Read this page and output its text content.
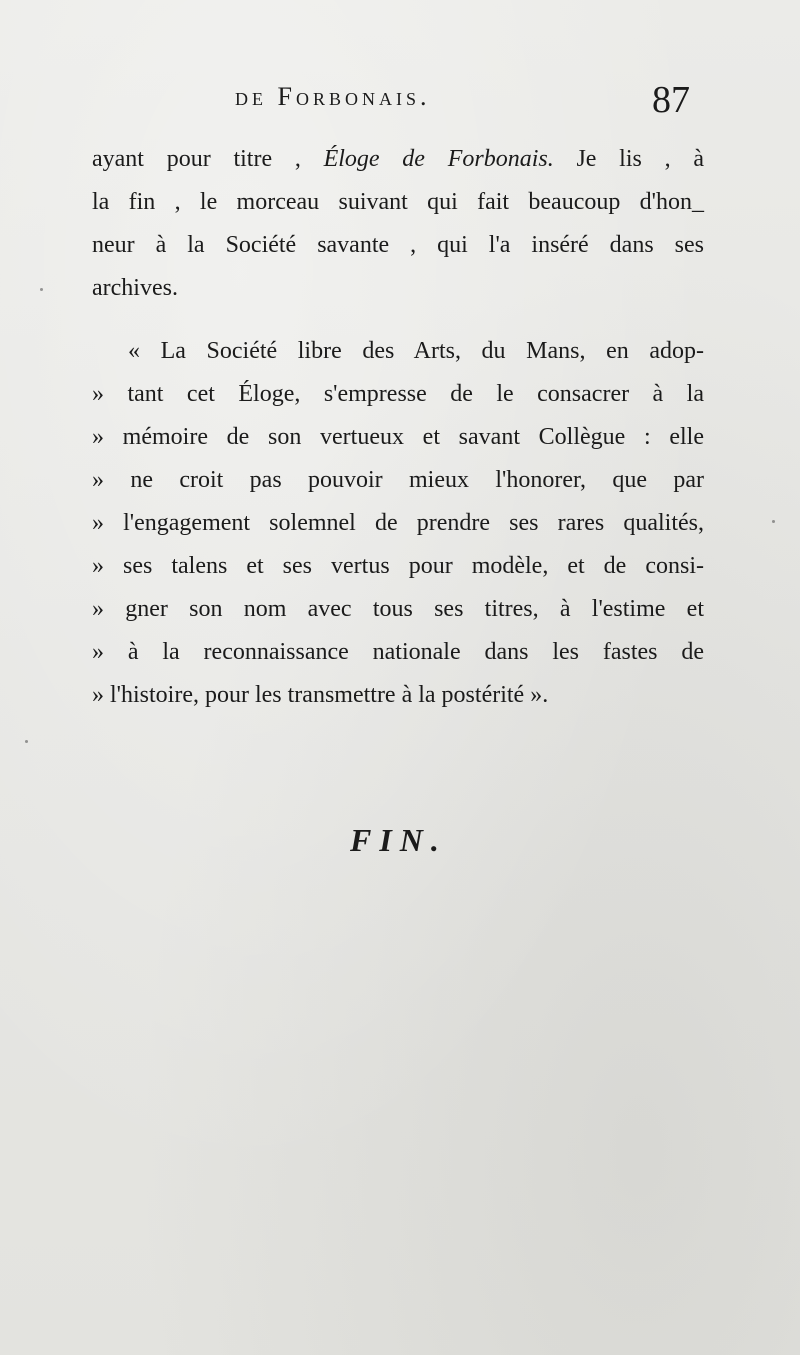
de Forbonais.	87
ayant pour titre , Éloge de Forbonais. Je lis , à
la fin , le morceau suivant qui fait beaucoup d'hon_
neur à la Société savante , qui l'a inséré dans ses
archives.
« La Société libre des Arts, du Mans, en adop-
» tant cet Éloge, s'empresse de le consacrer à la
» mémoire de son vertueux et savant Collègue : elle
» ne croit pas pouvoir mieux l'honorer, que par
» l'engagement solemnel de prendre ses rares qualités,
» ses talens et ses vertus pour modèle, et de consi-
» gner son nom avec tous ses titres, à l'estime et
» à la reconnaissance nationale dans les fastes de
» l'histoire, pour les transmettre à la postérité ».
FIN.
